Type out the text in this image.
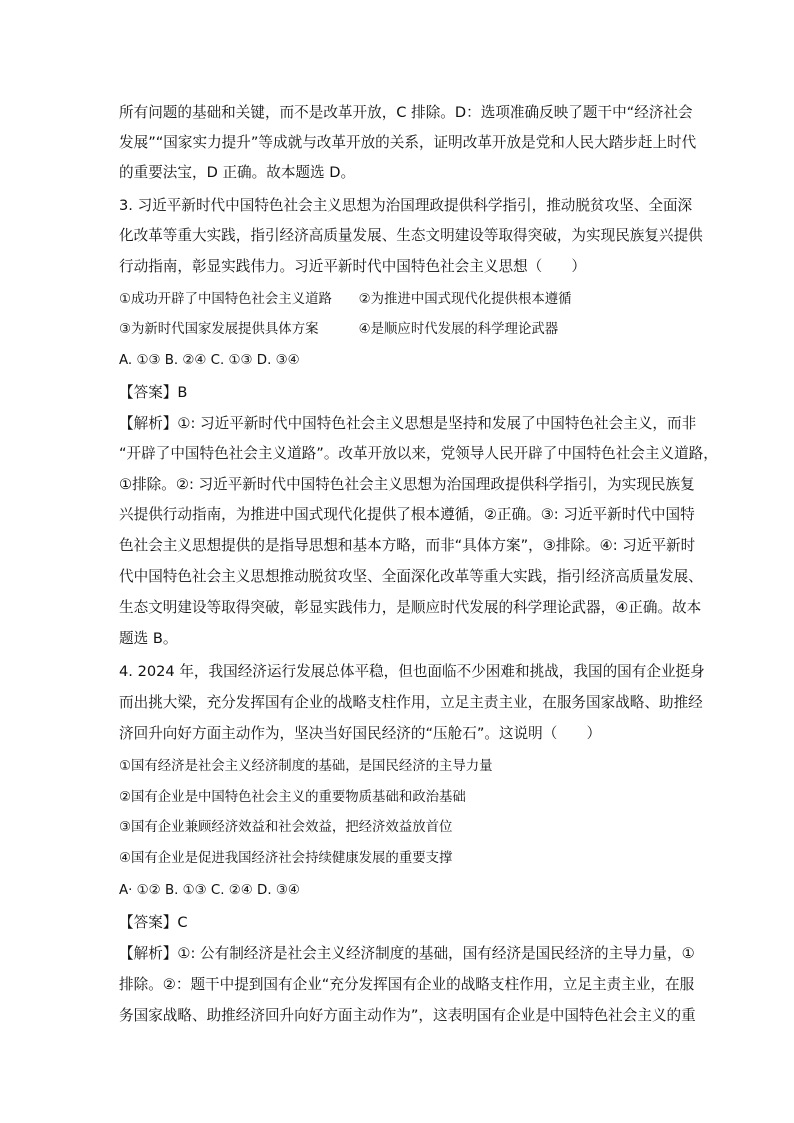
所有问题的基础和关键，而不是改革开放，C 排除。D：选项准确反映了题干中“经济社会
发展”“国家实力提升”等成就与改革开放的关系，证明改革开放是党和人民大踏步赶上时代
的重要法宝，D 正确。故本题选 D。
3. 习近平新时代中国特色社会主义思想为治国理政提供科学指引，推动脱贫攻坚、全面深
化改革等重大实践，指引经济高质量发展、生态文明建设等取得突破，为实现民族复兴提供
行动指南，彰显实践伟力。习近平新时代中国特色社会主义思想（　　）
①成功开辟了中国特色社会主义道路　　②为推进中国式现代化提供根本遵循
③为新时代国家发展提供具体方案　　　④是顺应时代发展的科学理论武器
A. ①③ B. ②④ C. ①③ D. ③④
【答案】B
【解析】①: 习近平新时代中国特色社会主义思想是坚持和发展了中国特色社会主义，而非
“开辟了中国特色社会主义道路”。改革开放以来，党领导人民开辟了中国特色社会主义道路，
①排除。②: 习近平新时代中国特色社会主义思想为治国理政提供科学指引，为实现民族复
兴提供行动指南，为推进中国式现代化提供了根本遵循，②正确。③: 习近平新时代中国特
色社会主义思想提供的是指导思想和基本方略，而非“具体方案”，③排除。④: 习近平新时
代中国特色社会主义思想推动脱贫攻坚、全面深化改革等重大实践，指引经济高质量发展、
生态文明建设等取得突破，彰显实践伟力，是顺应时代发展的科学理论武器，④正确。故本
题选 B。
4. 2024 年，我国经济运行发展总体平稳，但也面临不少困难和挑战，我国的国有企业挺身
而出挑大梁，充分发挥国有企业的战略支柱作用，立足主责主业，在服务国家战略、助推经
济回升向好方面主动作为，坚决当好国民经济的“压舱石”。这说明（　　）
①国有经济是社会主义经济制度的基础，是国民经济的主导力量
②国有企业是中国特色社会主义的重要物质基础和政治基础
③国有企业兼顾经济效益和社会效益，把经济效益放首位
④国有企业是促进我国经济社会持续健康发展的重要支撑
A· ①② B. ①③ C. ②④ D. ③④
【答案】C
【解析】①: 公有制经济是社会主义经济制度的基础，国有经济是国民经济的主导力量，①
排除。②：题干中提到国有企业“充分发挥国有企业的战略支柱作用，立足主责主业，在服
务国家战略、助推经济回升向好方面主动作为”，这表明国有企业是中国特色社会主义的重
